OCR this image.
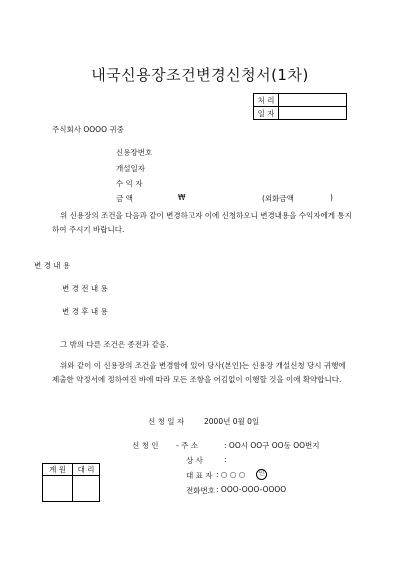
내국신용장조건변경신청서(1차)
처 리	
일 자	
주식회사 OOOO 귀중
신용장번호
개설일자
수 익 자
금 액	₩	(외화금액	)
위 신용장의 조건을 다음과 같이 변경하고자 이에 신청하오니 변경내용을 수익자에게 통지하여 주시기 바랍니다.
변 경 내 용
변 경 전 내 용
변 경 후 내 용
그 밖의 다른 조건은 종전과 같음.
위와 같이 이 신용장의 조건을 변경함에 있어 당사(본인)는 신용장 개설신청 당시 귀행에 제출한 약정서에 정하여진 바에 따라 모든 조항을 어김없이 이행할 것을 이에 확약합니다.
신 청 일 자	2000년 0월 0일
신 청 인 - 주 소	: OO시 OO구 OO동 OO번지
상 사	:
대 표 자 : ○ ○ ○	인
전화번호 : OOO-OOO-OOOO
계 원	대 리
